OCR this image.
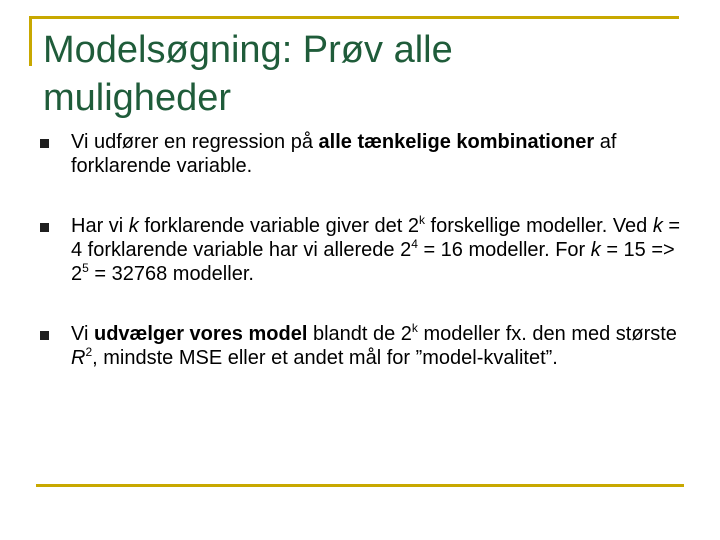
Modelsøgning: Prøv alle
muligheder
Vi udfører en regression på alle tænkelige kombinationer af forklarende variable.
Har vi k forklarende variable giver det 2$^k$ forskellige modeller. Ved k = 4 forklarende variable har vi allerede $2^4 = 16$ modeller. For $k = 15 => 2^5 = 32768$ modeller.
Vi udvælger vores model blandt de 2$^k$ modeller fx. den med største $R^2$, mindste MSE eller et andet mål for ”model-kvalitet”.
